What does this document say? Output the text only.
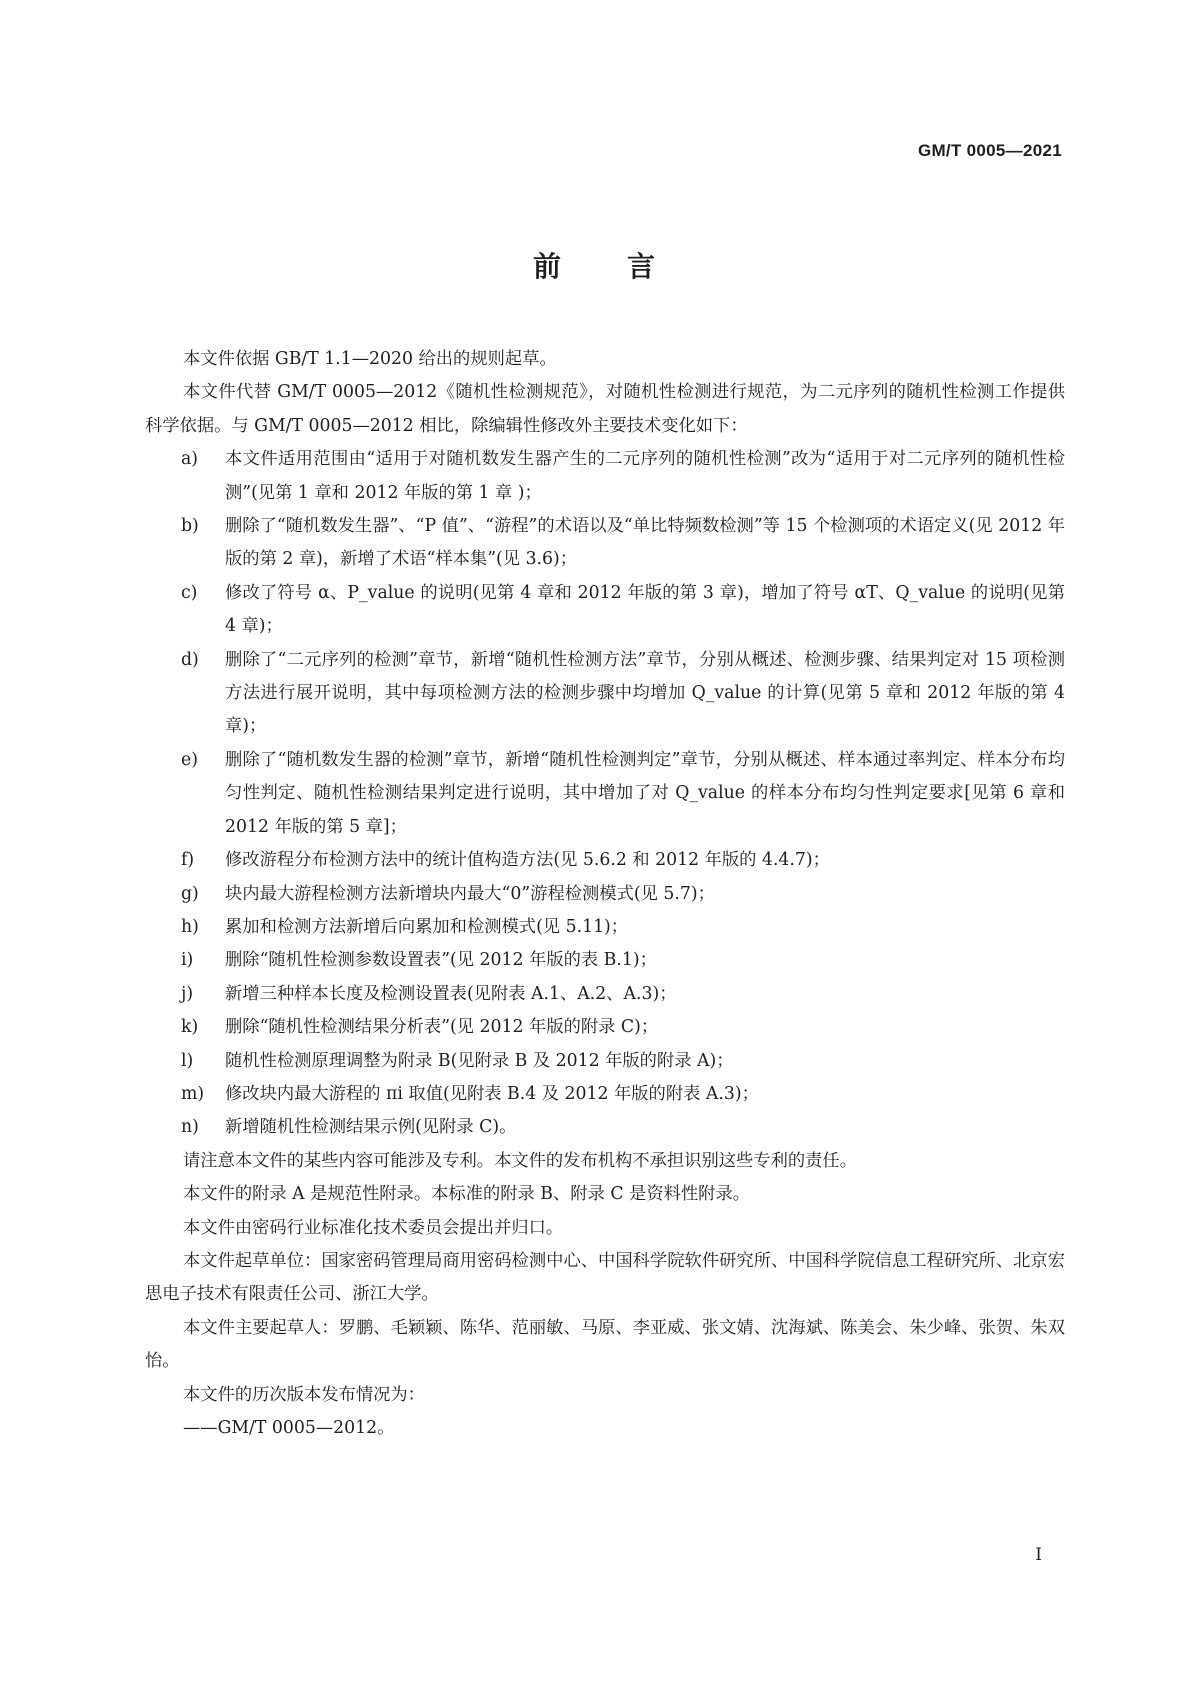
GM/T 0005—2021
前 言

本文件依据 GB/T 1.1—2020 给出的规则起草。

本文件代替 GM/T 0005—2012《随机性检测规范》，对随机性检测进行规范，为二元序列的随机性检测工作提供科学依据。与 GM/T 0005—2012 相比，除编辑性修改外主要技术变化如下：

a) 本文件适用范围由“适用于对随机数发生器产生的二元序列的随机性检测”改为“适用于对二元序列的随机性检测”(见第 1 章和 2012 年版的第 1 章 )；

b) 删除了“随机数发生器”、“P 值”、“游程”的术语以及“单比特频数检测”等 15 个检测项的术语定义(见 2012 年版的第 2 章)，新增了术语“样本集”(见 3.6)；

c) 修改了符号 α、P_value 的说明(见第 4 章和 2012 年版的第 3 章)，增加了符号 αT、Q_value 的说明(见第 4 章)；

d) 删除了“二元序列的检测”章节，新增“随机性检测方法”章节，分别从概述、检测步骤、结果判定对 15 项检测方法进行展开说明，其中每项检测方法的检测步骤中均增加 Q_value 的计算(见第 5 章和 2012 年版的第 4 章)；

e) 删除了“随机数发生器的检测”章节，新增“随机性检测判定”章节，分别从概述、样本通过率判定、样本分布均匀性判定、随机性检测结果判定进行说明，其中增加了对 Q_value 的样本分布均匀性判定要求[见第 6 章和 2012 年版的第 5 章]；

f) 修改游程分布检测方法中的统计值构造方法(见 5.6.2 和 2012 年版的 4.4.7)；

g) 块内最大游程检测方法新增块内最大“0”游程检测模式(见 5.7)；

h) 累加和检测方法新增后向累加和检测模式(见 5.11)；

i) 删除“随机性检测参数设置表”(见 2012 年版的表 B.1)；

j) 新增三种样本长度及检测设置表(见附表 A.1、A.2、A.3)；

k) 删除“随机性检测结果分析表”(见 2012 年版的附录 C)；

l) 随机性检测原理调整为附录 B(见附录 B 及 2012 年版的附录 A)；

m) 修改块内最大游程的 πi 取值(见附表 B.4 及 2012 年版的附表 A.3)；

n) 新增随机性检测结果示例(见附录 C)。

请注意本文件的某些内容可能涉及专利。本文件的发布机构不承担识别这些专利的责任。

本文件的附录 A 是规范性附录。本标准的附录 B、附录 C 是资料性附录。

本文件由密码行业标准化技术委员会提出并归口。

本文件起草单位：国家密码管理局商用密码检测中心、中国科学院软件研究所、中国科学院信息工程研究所、北京宏思电子技术有限责任公司、浙江大学。

本文件主要起草人：罗鹏、毛颖颖、陈华、范丽敏、马原、李亚威、张文婧、沈海斌、陈美会、朱少峰、张贺、朱双怡。

本文件的历次版本发布情况为：

——GM/T 0005—2012。

I
